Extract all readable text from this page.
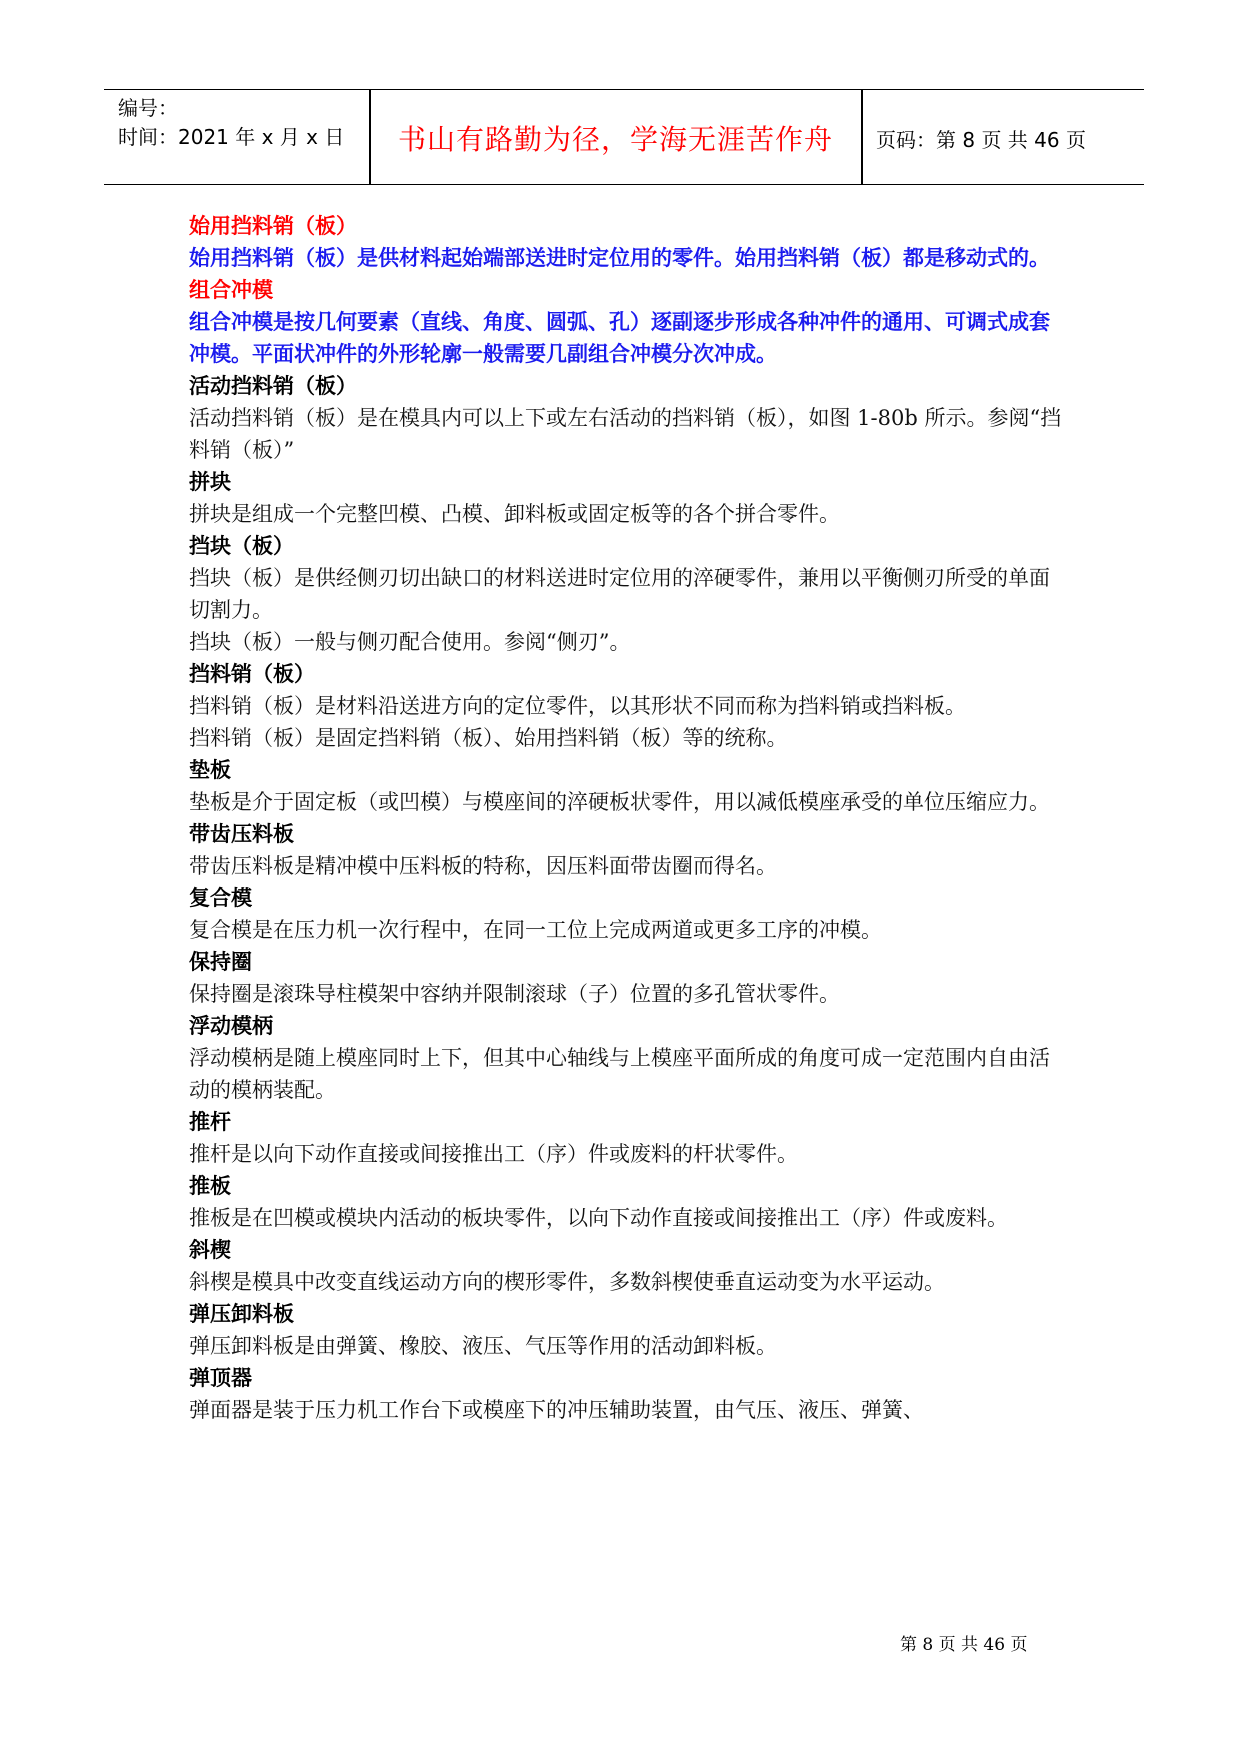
编号：
时间：2021 年 x 月 x 日	书山有路勤为径，学海无涯苦作舟	页码：第 8 页 共 46 页

始用挡料销（板）

始用挡料销（板）是供材料起始端部送进时定位用的零件。始用挡料销（板）都是移动式的。

组合冲模

组合冲模是按几何要素（直线、角度、圆弧、孔）逐副逐步形成各种冲件的通用、可调式成套冲模。平面状冲件的外形轮廓一般需要几副组合冲模分次冲成。

活动挡料销（板）

活动挡料销（板）是在模具内可以上下或左右活动的挡料销（板），如图 1-80b 所示。参阅“挡料销（板）”

拼块

拼块是组成一个完整凹模、凸模、卸料板或固定板等的各个拼合零件。

挡块（板）

挡块（板）是供经侧刃切出缺口的材料送进时定位用的淬硬零件，兼用以平衡侧刃所受的单面切割力。

挡块（板）一般与侧刃配合使用。参阅“侧刃”。

挡料销（板）

挡料销（板）是材料沿送进方向的定位零件，以其形状不同而称为挡料销或挡料板。

挡料销（板）是固定挡料销（板）、始用挡料销（板）等的统称。

垫板

垫板是介于固定板（或凹模）与模座间的淬硬板状零件，用以减低模座承受的单位压缩应力。

带齿压料板

带齿压料板是精冲模中压料板的特称，因压料面带齿圈而得名。

复合模

复合模是在压力机一次行程中，在同一工位上完成两道或更多工序的冲模。

保持圈

保持圈是滚珠导柱模架中容纳并限制滚球（子）位置的多孔管状零件。

浮动模柄

浮动模柄是随上模座同时上下，但其中心轴线与上模座平面所成的角度可成一定范围内自由活动的模柄装配。

推杆

推杆是以向下动作直接或间接推出工（序）件或废料的杆状零件。

推板

推板是在凹模或模块内活动的板块零件，以向下动作直接或间接推出工（序）件或废料。

斜楔

斜楔是模具中改变直线运动方向的楔形零件，多数斜楔使垂直运动变为水平运动。

弹压卸料板

弹压卸料板是由弹簧、橡胶、液压、气压等作用的活动卸料板。

弹顶器

弹面器是装于压力机工作台下或模座下的冲压辅助装置，由气压、液压、弹簧、

第 8 页 共 46 页
